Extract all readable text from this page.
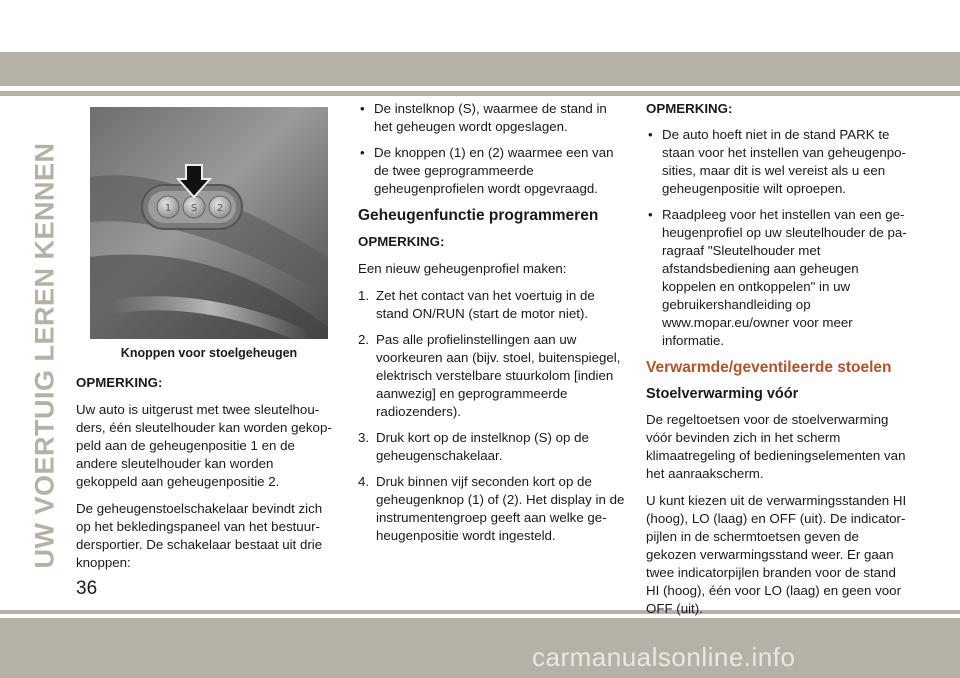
UW VOERTUIG LEREN KENNEN	1 S 2
Knoppen voor stoelgeheugen

OPMERKING:

Uw auto is uitgerust met twee sleutelhouders, één sleutelhouder kan worden gekoppeld aan de geheugenpositie 1 en de andere sleutelhouder kan worden gekoppeld aan geheugenpositie 2.

De geheugenstoelschakelaar bevindt zich op het bekledingspaneel van het bestuurdersportier. De schakelaar bestaat uit drie knoppen:

• De instelknop (S), waarmee de stand in het geheugen wordt opgeslagen.
• De knoppen (1) en (2) waarmee een van de twee geprogrammeerde geheugenprofielen wordt opgevraagd.
Geheugenfunctie programmeren

OPMERKING:

Een nieuw geheugenprofiel maken:

1. Zet het contact van het voertuig in de stand ON/RUN (start de motor niet).
2. Pas alle profielinstellingen aan uw voorkeuren aan (bijv. stoel, buitenspiegel, elektrisch verstelbare stuurkolom [indien aanwezig] en geprogrammeerde radiozenders).
3. Druk kort op de instelknop (S) op de geheugenschakelaar.
4. Druk binnen vijf seconden kort op de geheugenknop (1) of (2). Het display in de instrumentengroep geeft aan welke geheugenpositie wordt ingesteld.

OPMERKING:

• De auto hoeft niet in de stand PARK te staan voor het instellen van geheugenposities, maar dit is wel vereist als u een geheugenpositie wilt oproepen.
• Raadpleeg voor het instellen van een geheugenprofiel op uw sleutelhouder de paragraaf "Sleutelhouder met afstandsbediening aan geheugen koppelen en ontkoppelen" in uw gebruikershandleiding op www.mopar.eu/owner voor meer informatie.
Verwarmde/geventileerde stoelen
Stoelverwarming vóór

De regeltoetsen voor de stoelverwarming vóór bevinden zich in het scherm klimaatregeling of bedieningselementen van het aanraakscherm.

U kunt kiezen uit de verwarmingsstanden HI (hoog), LO (laag) en OFF (uit). De indicatorpijlen in de schermtoetsen geven de gekozen verwarmingsstand weer. Er gaan twee indicatorpijlen branden voor de stand HI (hoog), één voor LO (laag) en geen voor OFF (uit).

36
carmanualsonline.info
